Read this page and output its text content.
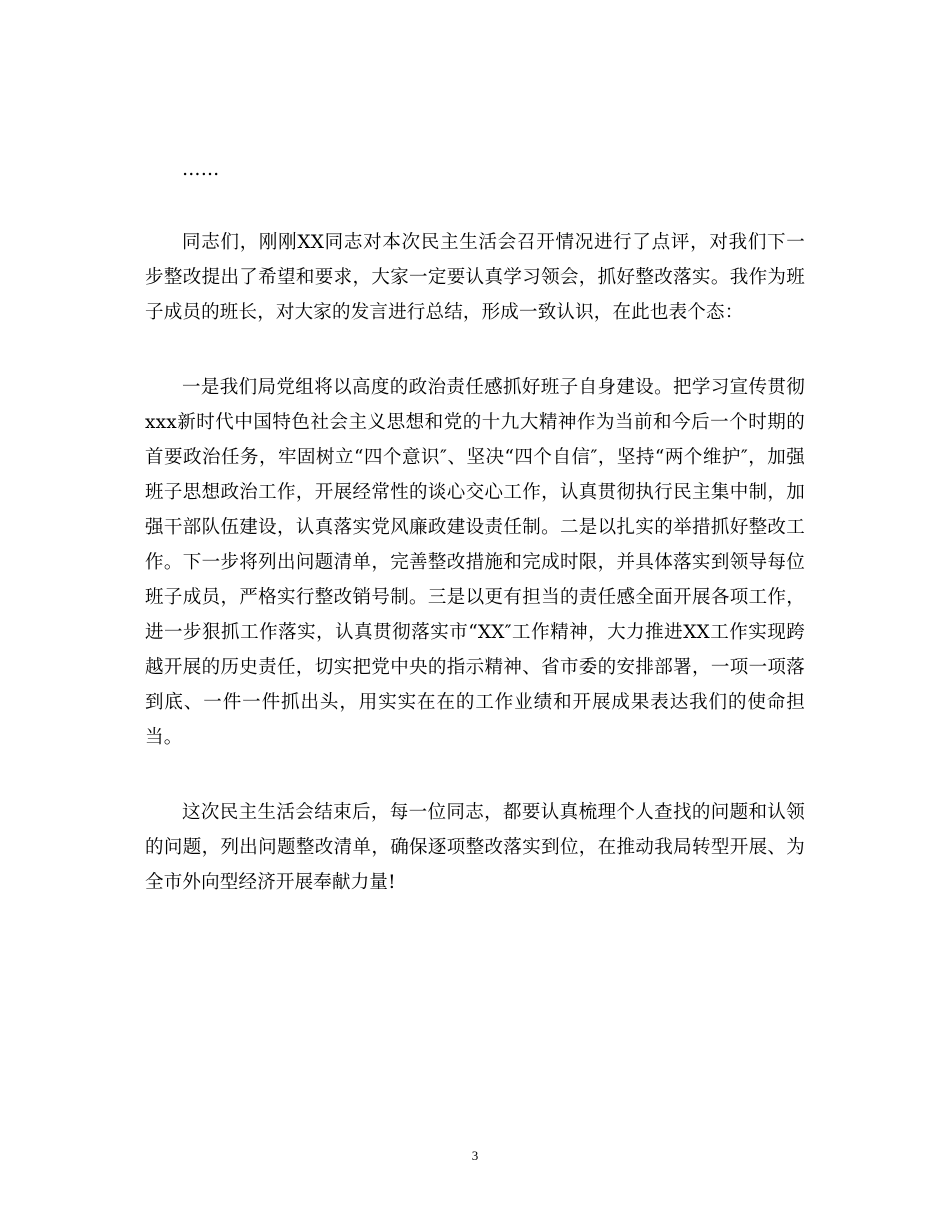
……

同志们，刚刚XX同志对本次民主生活会召开情况进行了点评，对我们下一步整改提出了希望和要求，大家一定要认真学习领会，抓好整改落实。我作为班子成员的班长，对大家的发言进行总结，形成一致认识，在此也表个态：

一是我们局党组将以高度的政治责任感抓好班子自身建设。把学习宣传贯彻xxx新时代中国特色社会主义思想和党的十九大精神作为当前和今后一个时期的首要政治任务，牢固树立“四个意识″、坚决“四个自信″，坚持“两个维护″，加强班子思想政治工作，开展经常性的谈心交心工作，认真贯彻执行民主集中制，加强干部队伍建设，认真落实党风廉政建设责任制。二是以扎实的举措抓好整改工作。下一步将列出问题清单，完善整改措施和完成时限，并具体落实到领导每位班子成员，严格实行整改销号制。三是以更有担当的责任感全面开展各项工作，进一步狠抓工作落实，认真贯彻落实市“XX″工作精神，大力推进XX工作实现跨越开展的历史责任，切实把党中央的指示精神、省市委的安排部署，一项一项落到底、一件一件抓出头，用实实在在的工作业绩和开展成果表达我们的使命担当。

这次民主生活会结束后，每一位同志，都要认真梳理个人查找的问题和认领的问题，列出问题整改清单，确保逐项整改落实到位，在推动我局转型开展、为全市外向型经济开展奉献力量!

3
